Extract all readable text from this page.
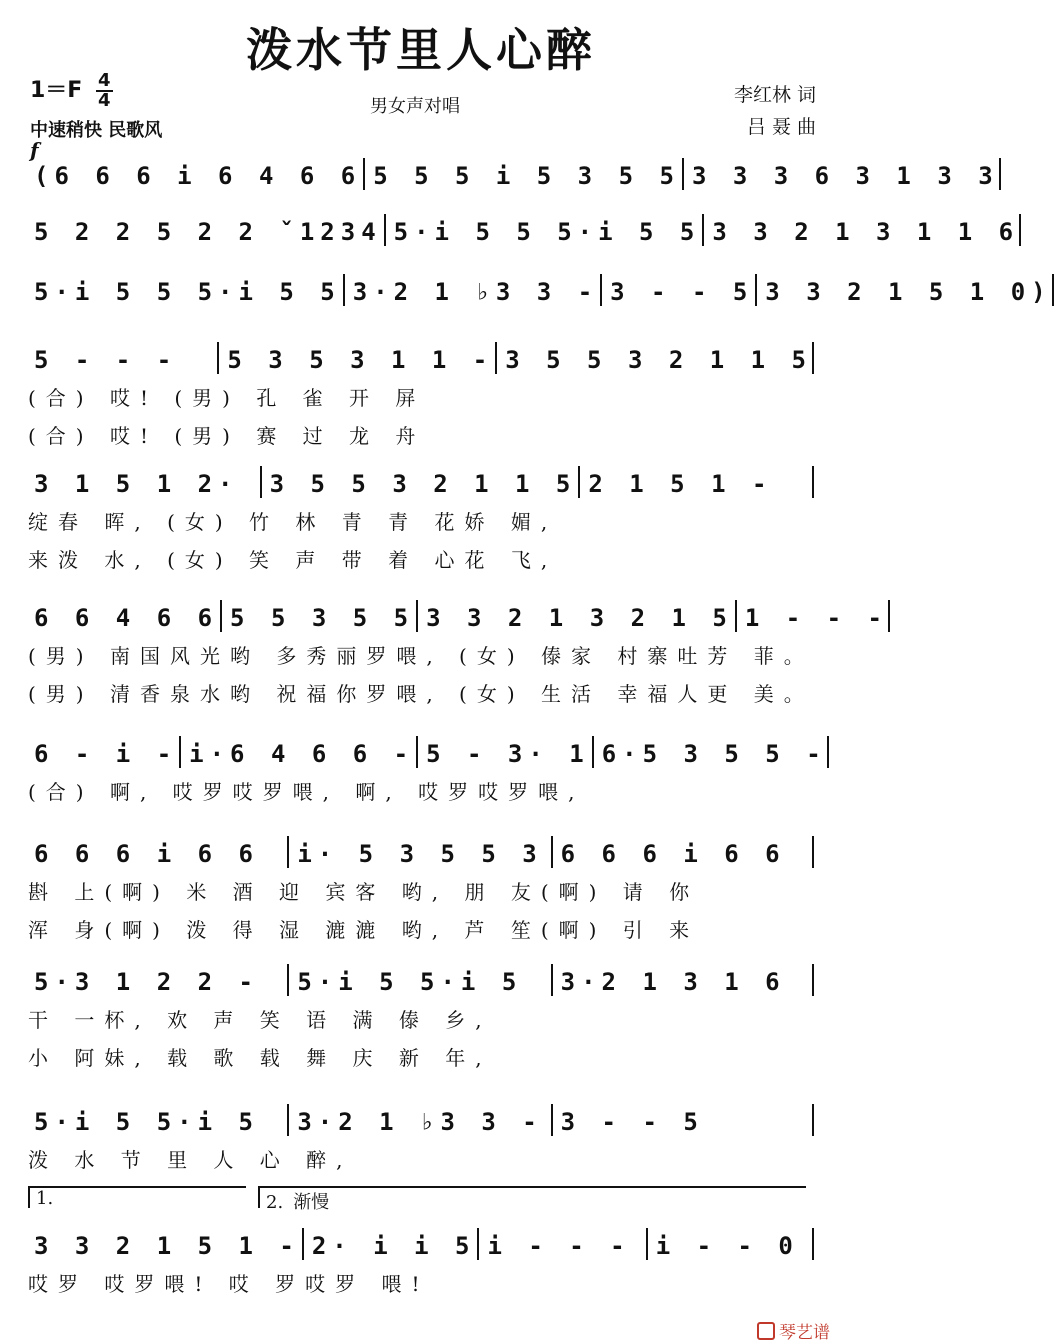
泼水节里人心醉
$1=F \frac{4}{4}$	男女声对唱
中速稍快 民歌风
李红林 词
吕 聂 曲
f
(6 6 6 i 6 4 6 6 5 5 5 i 5 3 5 5 3 3 3 6 3 1 3 3
5 2 2 5 2 2 ˇ1234 5·i 5 5 5·i 5 5 3 3 2 1 3 1 1 6
5·i 5 5 5·i 5 5 3·2 1 ♭3 3 - 3 - - 5 3 3 2 1 5 1 0)
5 - - -	5 3 5 3 1 1 - 3 5 5 3 2 1 1 5
(合) 哎! (男) 孔 雀 开 屏
(合) 哎! (男) 赛 过 龙 舟
3 1 5 1 2·	3 5 5 3 2 1 1 5 2 1 5 1 -
绽春 晖, (女) 竹 林 青 青 花娇 媚,
来泼 水, (女) 笑 声 带 着 心花 飞,
6 6 4 6 6 5 5 3 5 5 3 3 2 1 3 2 1 5 1 - - -
(男) 南国风光哟 多秀丽罗喂, (女) 傣家 村寨吐芳 菲。
(男) 清香泉水哟 祝福你罗喂, (女) 生活 幸福人更 美。
6 - i - i·6 4 6 6 - 5 - 3· 1 6·5 3 5 5 -
(合) 啊, 哎罗哎罗喂, 啊, 哎罗哎罗喂,
6 6 6 i 6 6	i· 5 3 5 5 3 6 6 6 i 6 6
斟 上(啊) 米 酒 迎 宾客 哟, 朋 友(啊) 请 你
浑 身(啊) 泼 得 湿 漉漉 哟, 芦 笙(啊) 引 来
5·3 1 2 2 -	5·i 5 5·i 5	3·2 1 3 1 6
干 一杯, 欢 声 笑 语 满 傣 乡,
小 阿妹, 载 歌 载 舞 庆 新 年,
5·i 5 5·i 5	3·2 1 ♭3 3 - 3 - - 5
泼 水 节 里 人 心 醉,
3 3 2 1 5 1 - 2· i i 5 i - - -	i - - 0
哎罗 哎罗喂! 哎 罗哎罗 喂!
琴艺谱
1.	2. 渐慢
